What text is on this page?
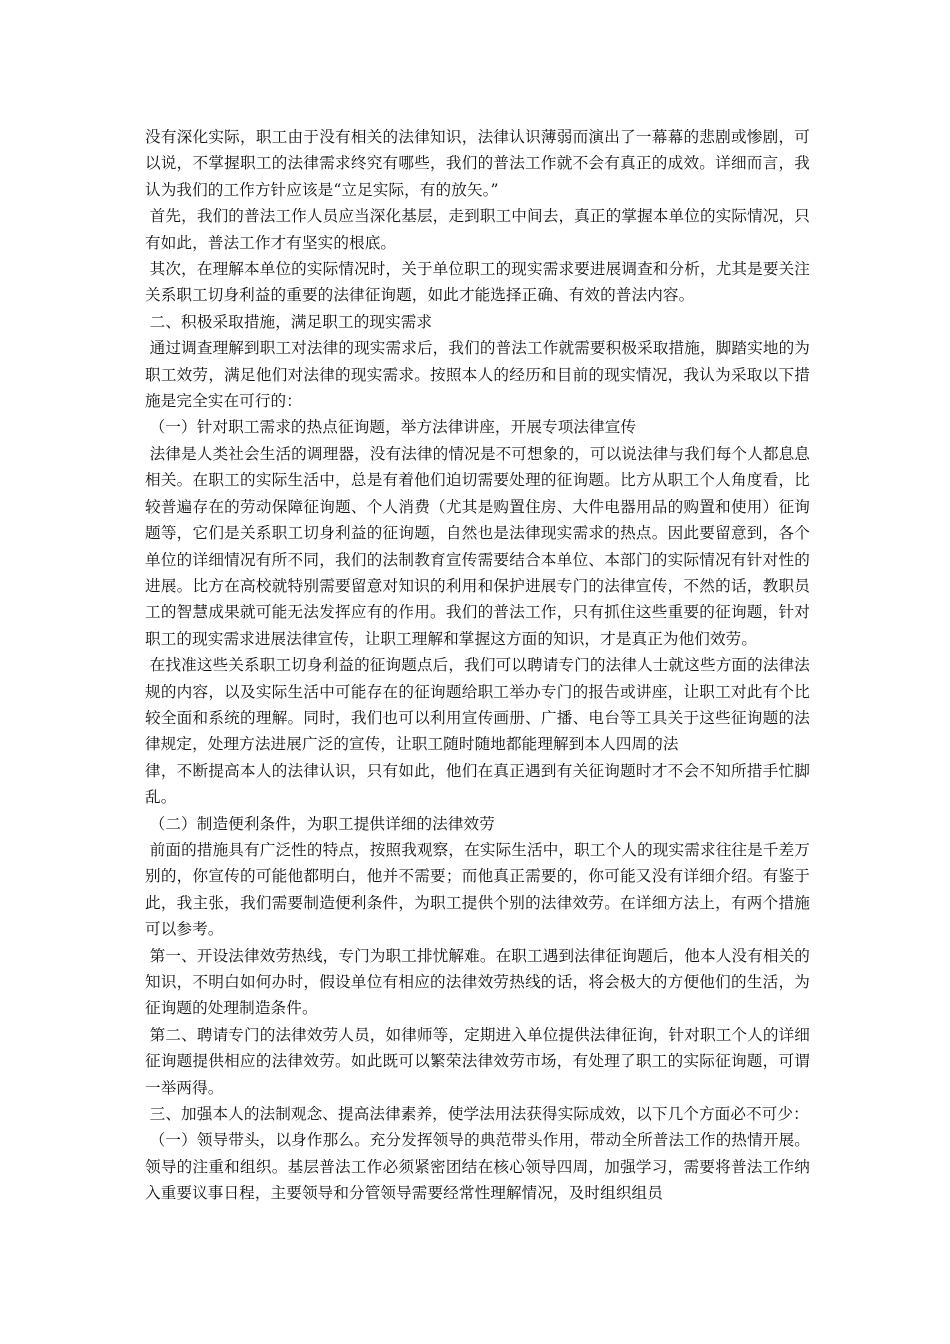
没有深化实际，职工由于没有相关的法律知识，法律认识薄弱而演出了一幕幕的悲剧或惨剧，可以说，不掌握职工的法律需求终究有哪些，我们的普法工作就不会有真正的成效。详细而言，我认为我们的工作方针应该是“立足实际，有的放矢。”

首先，我们的普法工作人员应当深化基层，走到职工中间去，真正的掌握本单位的实际情况，只有如此，普法工作才有坚实的根底。

其次，在理解本单位的实际情况时，关于单位职工的现实需求要进展调查和分析，尤其是要关注关系职工切身利益的重要的法律征询题，如此才能选择正确、有效的普法内容。

二、积极采取措施，满足职工的现实需求

通过调查理解到职工对法律的现实需求后，我们的普法工作就需要积极采取措施，脚踏实地的为职工效劳，满足他们对法律的现实需求。按照本人的经历和目前的现实情况，我认为采取以下措施是完全实在可行的：

（一）针对职工需求的热点征询题，举方法律讲座，开展专项法律宣传

法律是人类社会生活的调理器，没有法律的情况是不可想象的，可以说法律与我们每个人都息息相关。在职工的实际生活中，总是有着他们迫切需要处理的征询题。比方从职工个人角度看，比较普遍存在的劳动保障征询题、个人消费（尤其是购置住房、大件电器用品的购置和使用）征询题等，它们是关系职工切身利益的征询题，自然也是法律现实需求的热点。因此要留意到，各个单位的详细情况有所不同，我们的法制教育宣传需要结合本单位、本部门的实际情况有针对性的进展。比方在高校就特别需要留意对知识的利用和保护进展专门的法律宣传，不然的话，教职员工的智慧成果就可能无法发挥应有的作用。我们的普法工作，只有抓住这些重要的征询题，针对职工的现实需求进展法律宣传，让职工理解和掌握这方面的知识，才是真正为他们效劳。

在找准这些关系职工切身利益的征询题点后，我们可以聘请专门的法律人士就这些方面的法律法规的内容，以及实际生活中可能存在的征询题给职工举办专门的报告或讲座，让职工对此有个比较全面和系统的理解。同时，我们也可以利用宣传画册、广播、电台等工具关于这些征询题的法律规定，处理方法进展广泛的宣传，让职工随时随地都能理解到本人四周的法

律，不断提高本人的法律认识，只有如此，他们在真正遇到有关征询题时才不会不知所措手忙脚乱。

（二）制造便利条件，为职工提供详细的法律效劳

前面的措施具有广泛性的特点，按照我观察，在实际生活中，职工个人的现实需求往往是千差万别的，你宣传的可能他都明白，他并不需要；而他真正需要的，你可能又没有详细介绍。有鉴于此，我主张，我们需要制造便利条件，为职工提供个别的法律效劳。在详细方法上，有两个措施可以参考。

第一、开设法律效劳热线，专门为职工排忧解难。在职工遇到法律征询题后，他本人没有相关的知识，不明白如何办时，假设单位有相应的法律效劳热线的话，将会极大的方便他们的生活，为征询题的处理制造条件。

第二、聘请专门的法律效劳人员，如律师等，定期进入单位提供法律征询，针对职工个人的详细征询题提供相应的法律效劳。如此既可以繁荣法律效劳市场，有处理了职工的实际征询题，可谓一举两得。

三、加强本人的法制观念、提高法律素养，使学法用法获得实际成效，以下几个方面必不可少：

（一）领导带头，以身作那么。充分发挥领导的典范带头作用，带动全所普法工作的热情开展。领导的注重和组织。基层普法工作必须紧密团结在核心领导四周，加强学习，需要将普法工作纳入重要议事日程，主要领导和分管领导需要经常性理解情况，及时组织组员
